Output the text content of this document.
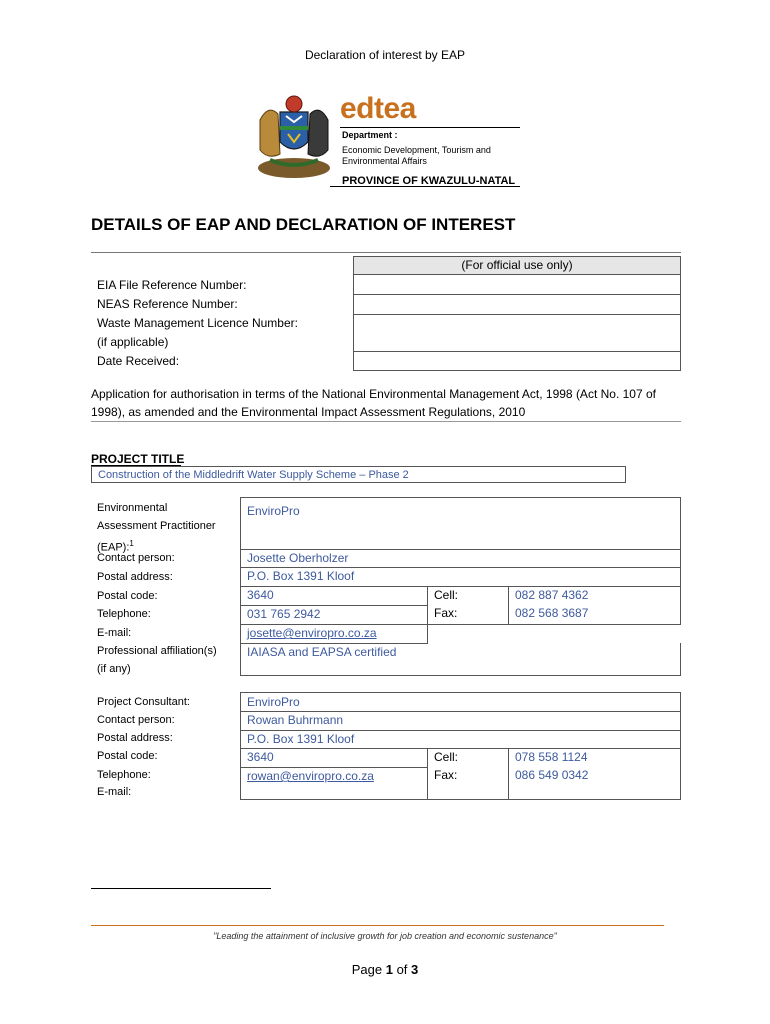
Declaration of interest by EAP
edtea
Department :
Economic Development, Tourism and
Environmental Affairs
PROVINCE OF KWAZULU-NATAL
DETAILS OF EAP AND DECLARATION OF INTEREST
EIA File Reference Number:
NEAS Reference Number:
Waste Management Licence Number:
(if applicable)
Date Received:
(For official use only)
Application for authorisation in terms of the National Environmental Management Act, 1998 (Act No. 107 of 1998), as amended and the Environmental Impact Assessment Regulations, 2010
PROJECT TITLE
Construction of the Middledrift Water Supply Scheme – Phase 2
Environmental
Assessment Practitioner
(EAP):$^1$
Contact person:
Postal address:
Postal code:
Telephone:
E-mail:
Professional affiliation(s)
(if any)
EnviroPro
Josette Oberholzer
P.O. Box 1391 Kloof
3640	Cell:
Fax:
082 887 4362
082 568 3687
031 765 2942
josette@enviropro.co.za
IAIASA and EAPSA certified
Project Consultant:
Contact person:
Postal address:
Postal code:
Telephone:
E-mail:
EnviroPro
Rowan Buhrmann
P.O. Box 1391 Kloof
3640	Cell:
Fax:
078 558 1124
086 549 0342
rowan@enviropro.co.za
"Leading the attainment of inclusive growth for job creation and economic sustenance"
Page 1 of 3
